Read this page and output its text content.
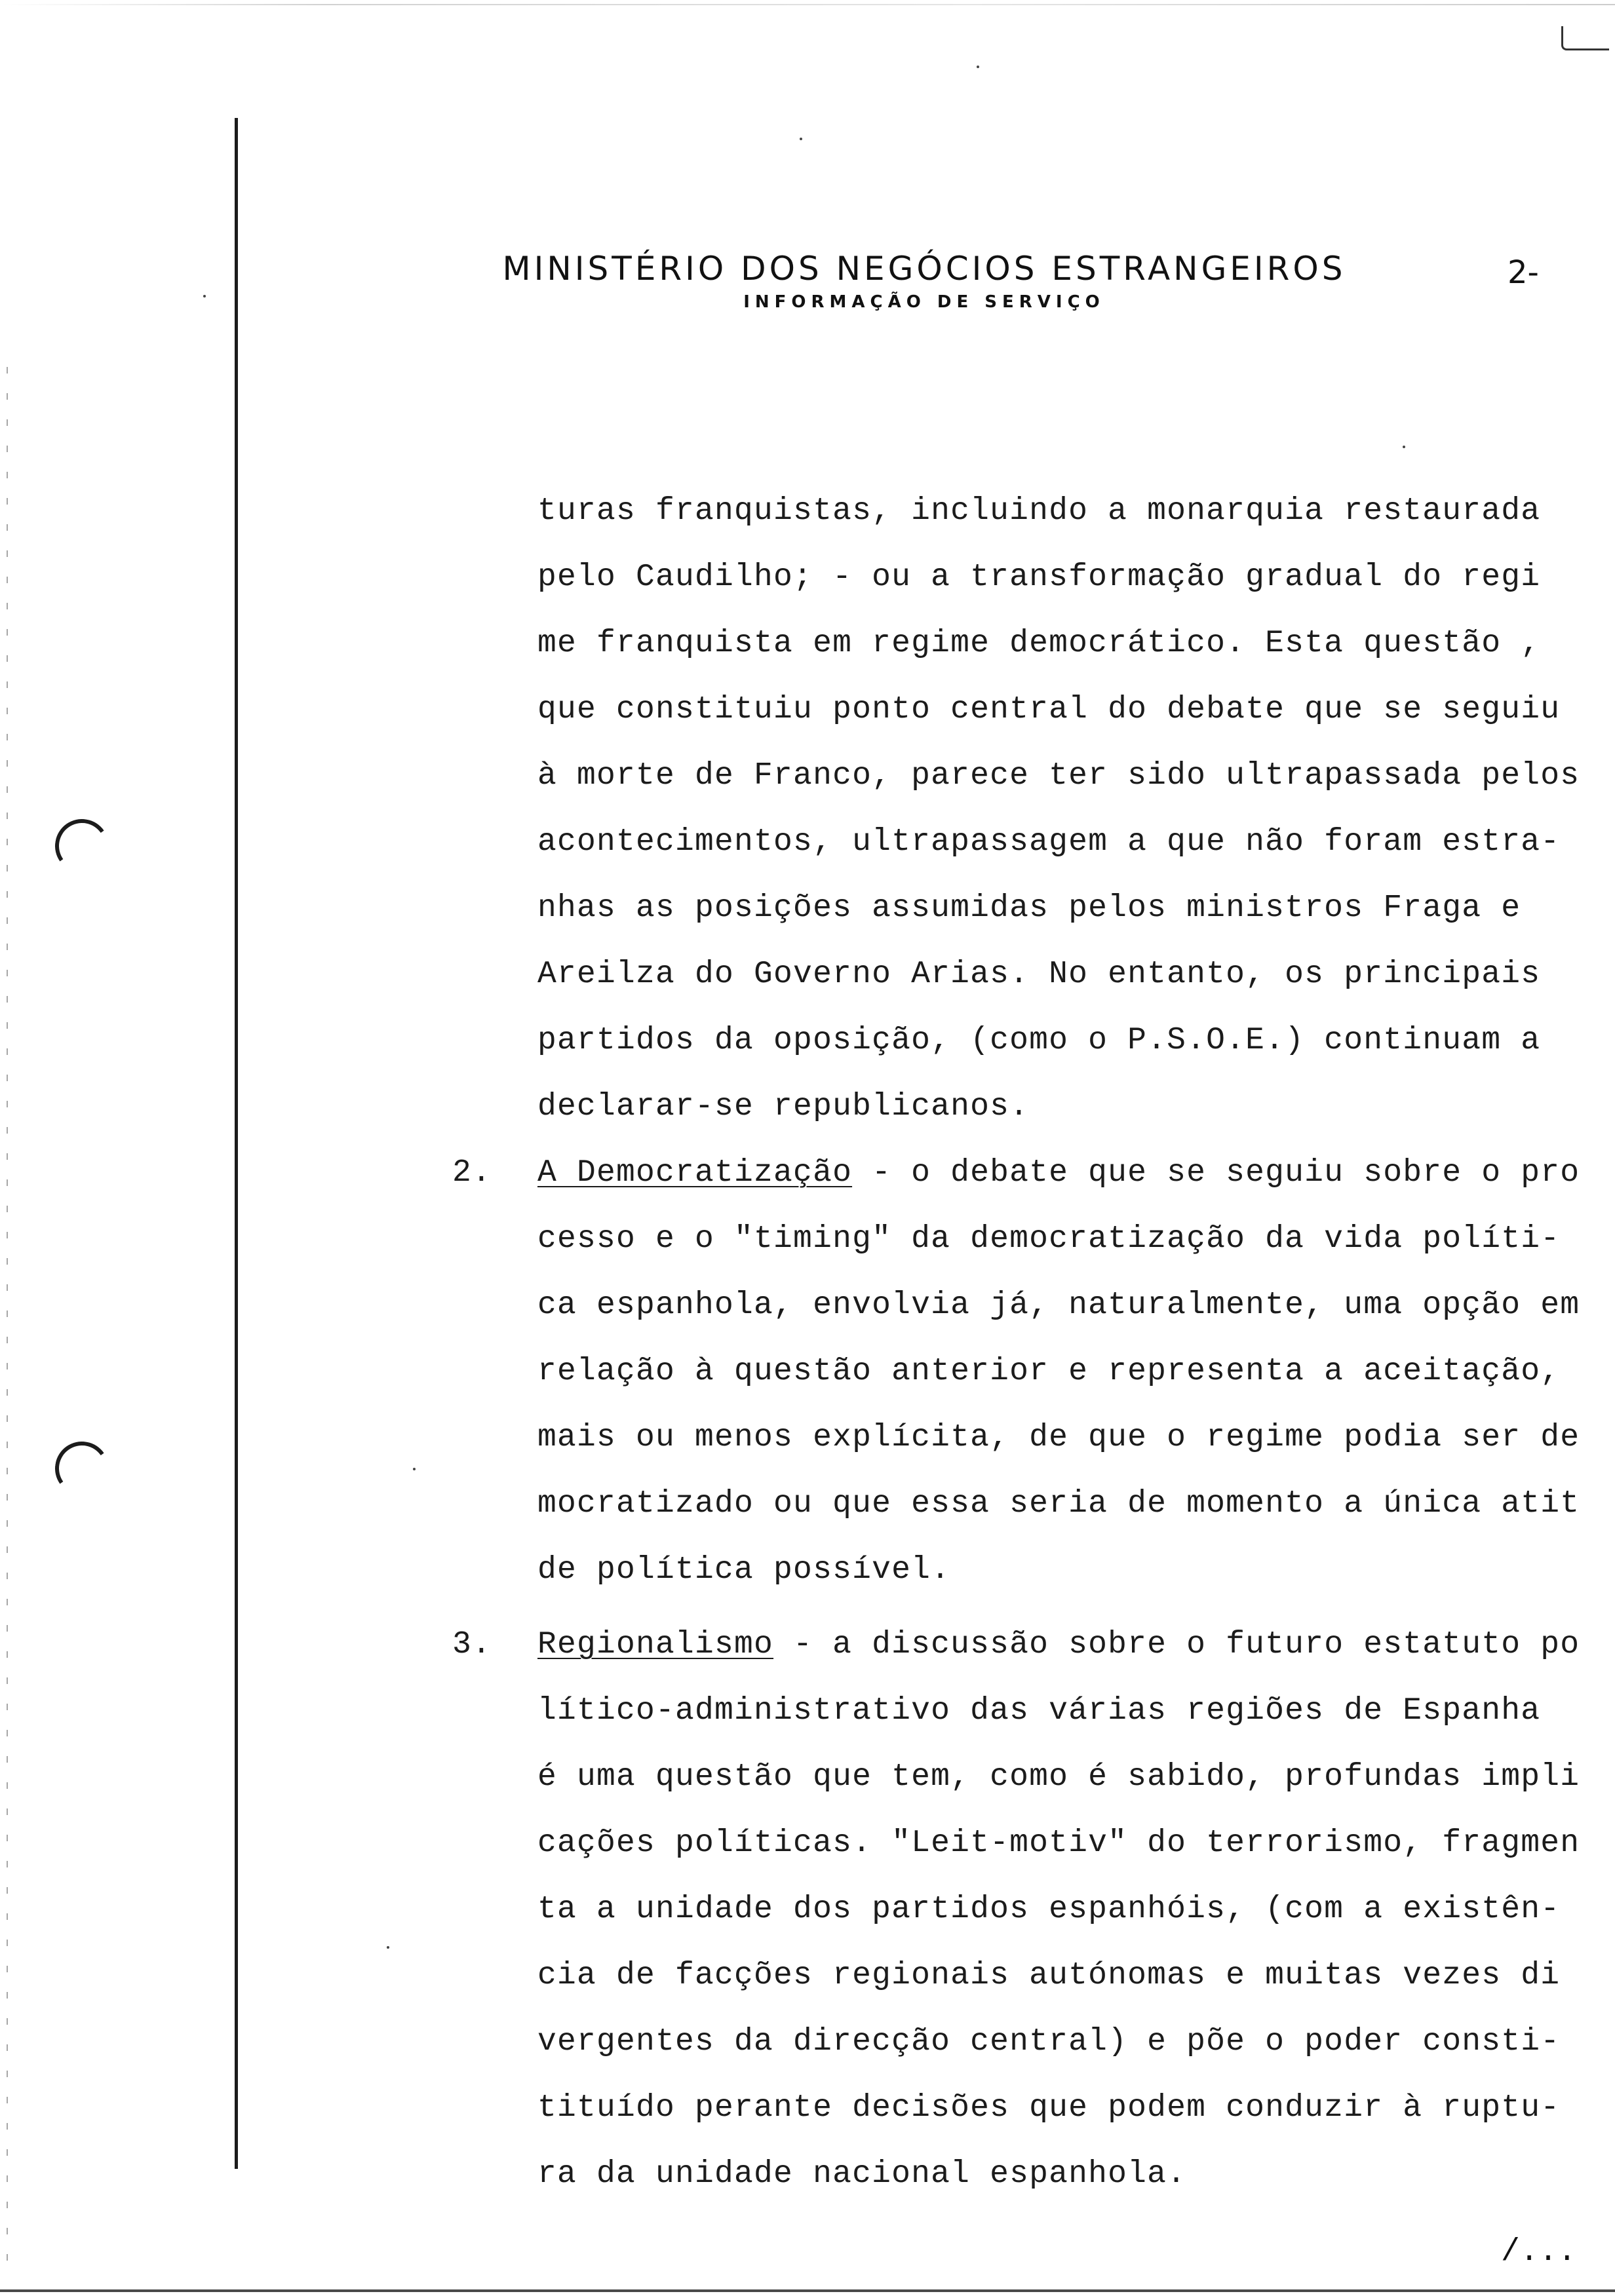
MINISTÉRIO DOS NEGÓCIOS ESTRANGEIROS
INFORMAÇÃO DE SERVIÇO
2-
turas franquistas, incluindo a monarquia restaurada
pelo Caudilho; - ou a transformação gradual do regi
me franquista em regime democrático. Esta questão ,
que constituiu ponto central do debate que se seguiu
à morte de Franco, parece ter sido ultrapassada pelos
acontecimentos, ultrapassagem a que não foram estra-
nhas as posições assumidas pelos ministros Fraga e
Areilza do Governo Arias. No entanto, os principais
partidos da oposição, (como o P.S.O.E.) continuam a
declarar-se republicanos.
2. A Democratização - o debate que se seguiu sobre o pro
cesso e o "timing" da democratização da vida políti-
ca espanhola, envolvia já, naturalmente, uma opção em
relação à questão anterior e representa a aceitação,
mais ou menos explícita, de que o regime podia ser de
mocratizado ou que essa seria de momento a única atit
de política possível.
3. Regionalismo - a discussão sobre o futuro estatuto po
lítico-administrativo das várias regiões de Espanha
é uma questão que tem, como é sabido, profundas impli
cações políticas. "Leit-motiv" do terrorismo, fragmen
ta a unidade dos partidos espanhóis, (com a existên-
cia de facções regionais autónomas e muitas vezes di
vergentes da direcção central) e põe o poder consti-
tituído perante decisões que podem conduzir à ruptu-
ra da unidade nacional espanhola.
/...
